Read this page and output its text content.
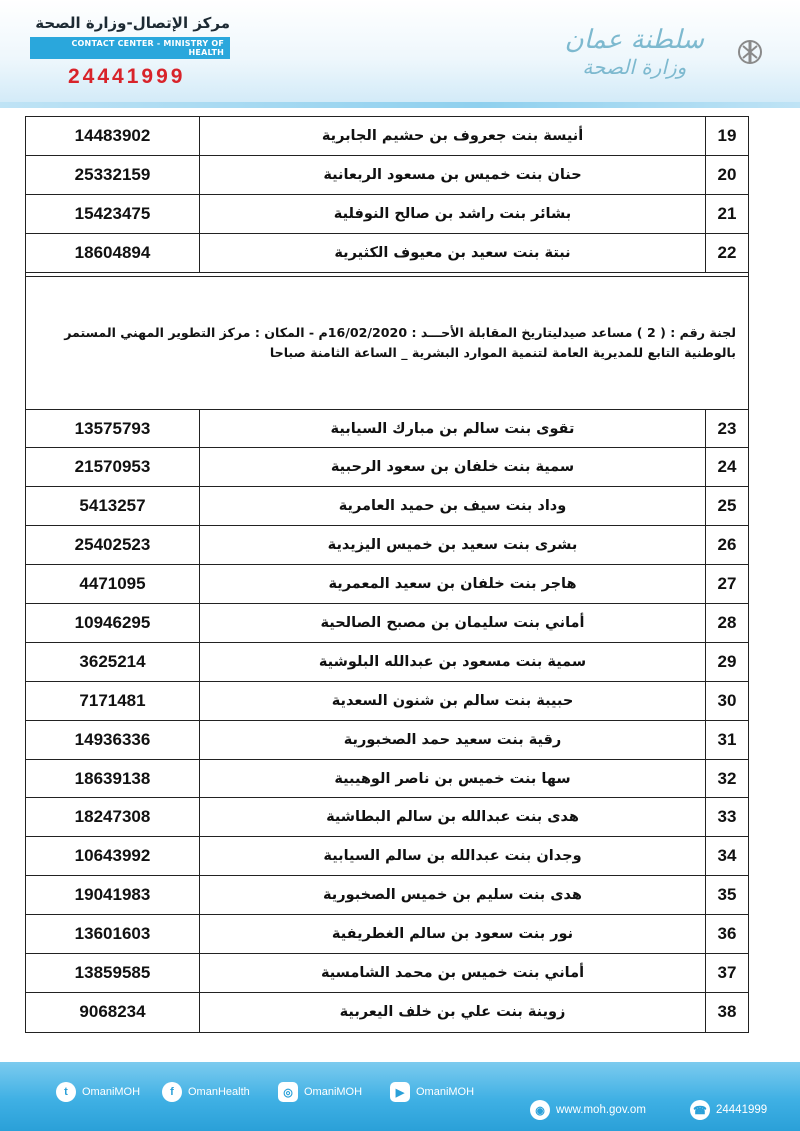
مركز الإتصال-وزارة الصحة
CONTACT CENTER - MINISTRY OF HEALTH
24441999
سلطنة عمان
وزارة الصحة
14483902	أنيسة بنت جعروف بن حشيم الجابرية	19
25332159	حنان بنت خميس بن مسعود الربعانية	20
15423475	بشائر بنت راشد بن صالح النوفلية	21
18604894	نبتة بنت سعيد بن معيوف الكثيرية	22
لجنة رقم : ( 2 ) مساعد صيدليتاريخ المقابلة الأحـــد : 16/02/2020م - المكان : مركز التطوير المهني المستمر
بالوطنية التابع للمديرية العامة لتنمية الموارد البشرية _ الساعة الثامنة صباحا
13575793	تقوى بنت سالم بن مبارك السيابية	23
21570953	سمية بنت خلفان بن سعود الرحبية	24
5413257	وداد بنت سيف بن حميد العامرية	25
25402523	بشرى بنت سعيد بن خميس اليزيدية	26
4471095	هاجر بنت خلفان بن سعيد المعمرية	27
10946295	أماني بنت سليمان بن مصبح الصالحية	28
3625214	سمية بنت مسعود بن عبدالله البلوشية	29
7171481	حبيبة بنت سالم بن شنون السعدية	30
14936336	رقية بنت سعيد حمد الصخبورية	31
18639138	سها بنت خميس بن ناصر الوهيبية	32
18247308	هدى بنت عبدالله بن سالم البطاشية	33
10643992	وجدان بنت عبدالله بن سالم السيابية	34
19041983	هدى بنت سليم بن خميس الصخبورية	35
13601603	نور بنت سعود بن سالم الغطريفية	36
13859585	أماني بنت خميس بن محمد الشامسية	37
9068234	زوينة بنت علي بن خلف اليعربية	38
t	OmaniMOH	f	OmanHealth	◎	OmaniMOH	▶	OmaniMOH
◉ www.moh.gov.om	☎ 24441999
